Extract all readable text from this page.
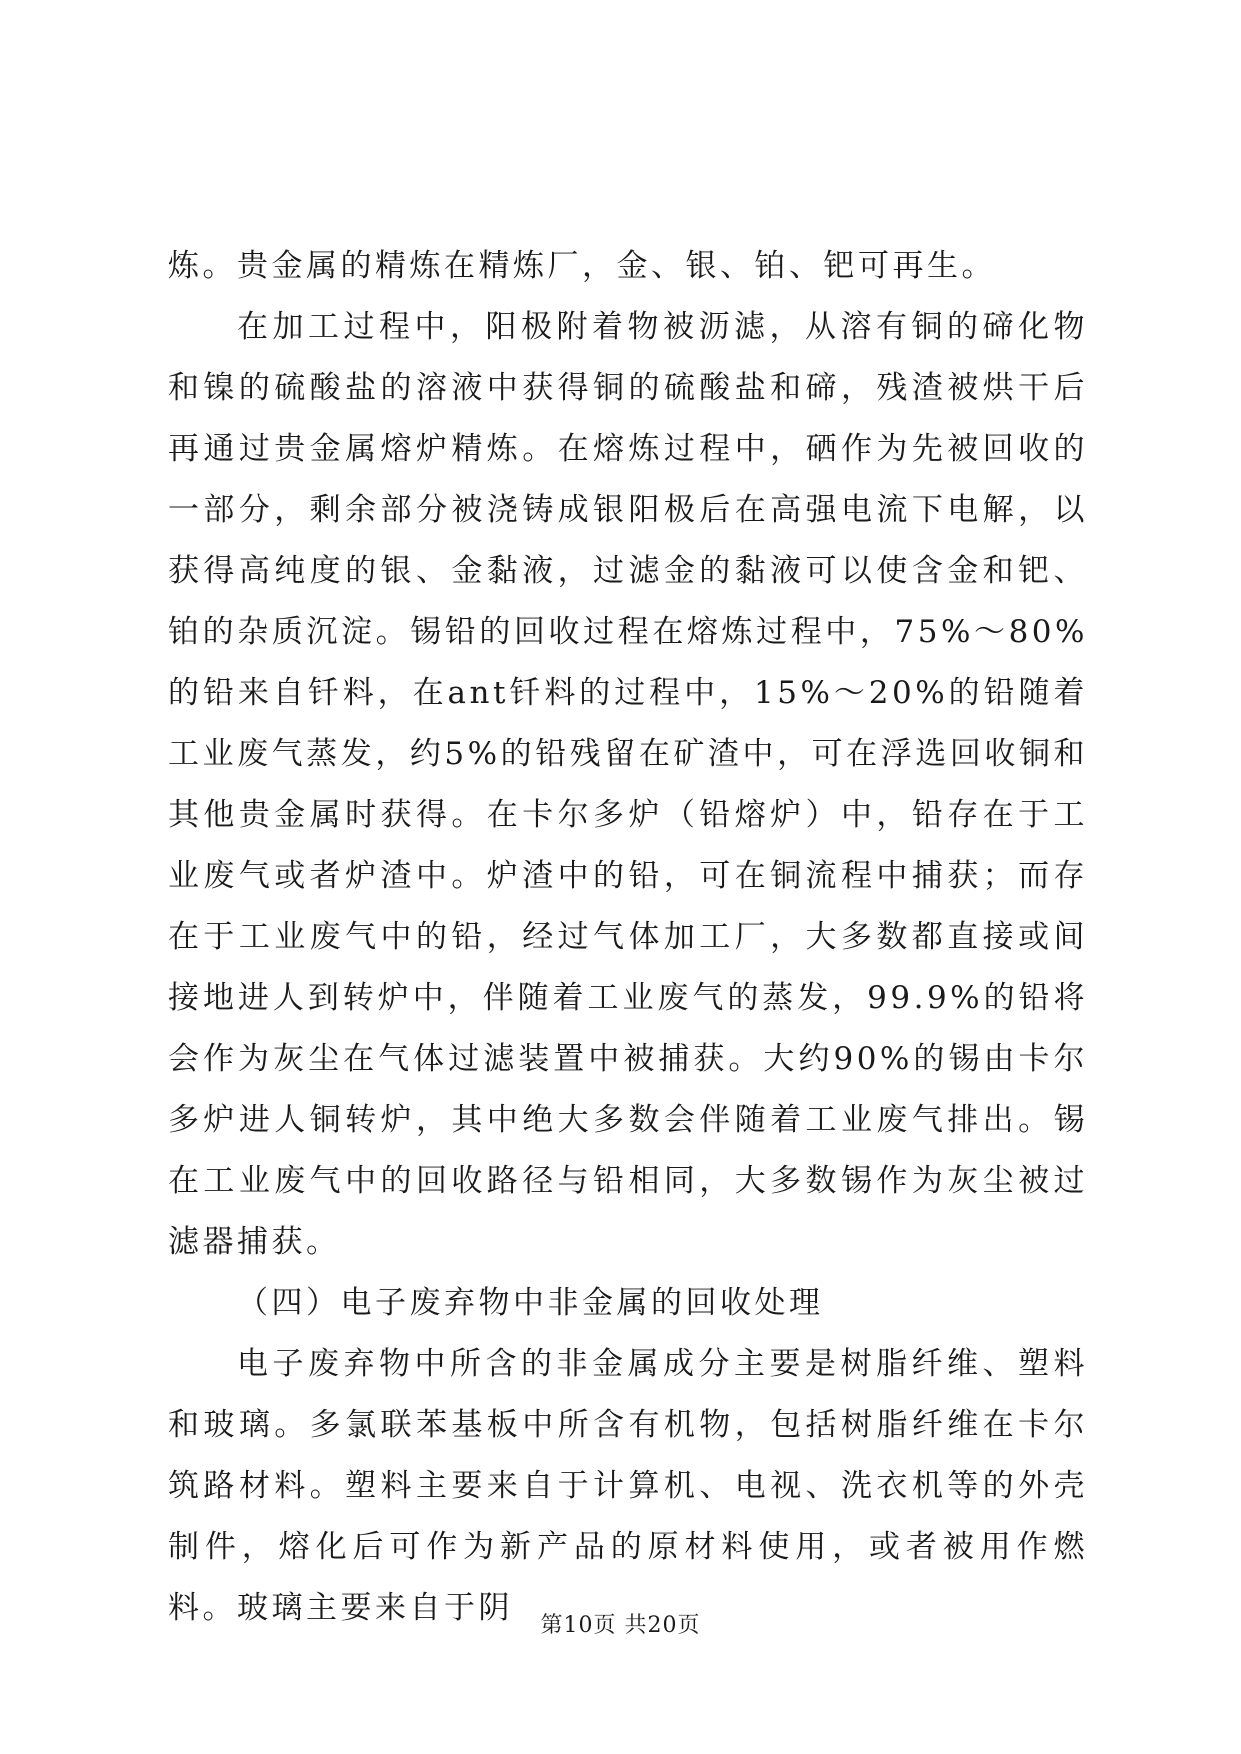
炼。贵金属的精炼在精炼厂，金、银、铂、钯可再生。

在加工过程中，阳极附着物被沥滤，从溶有铜的碲化物和镍的硫酸盐的溶液中获得铜的硫酸盐和碲，残渣被烘干后再通过贵金属熔炉精炼。在熔炼过程中，硒作为先被回收的一部分，剩余部分被浇铸成银阳极后在高强电流下电解，以获得高纯度的银、金黏液，过滤金的黏液可以使含金和钯、铂的杂质沉淀。锡铅的回收过程在熔炼过程中，75%～80%的铅来自钎料，在ant钎料的过程中，15%～20%的铅随着工业废气蒸发，约5%的铅残留在矿渣中，可在浮选回收铜和其他贵金属时获得。在卡尔多炉（铅熔炉）中，铅存在于工业废气或者炉渣中。炉渣中的铅，可在铜流程中捕获；而存在于工业废气中的铅，经过气体加工厂，大多数都直接或间接地进人到转炉中，伴随着工业废气的蒸发，99.9%的铅将会作为灰尘在气体过滤装置中被捕获。大约90%的锡由卡尔多炉进人铜转炉，其中绝大多数会伴随着工业废气排出。锡在工业废气中的回收路径与铅相同，大多数锡作为灰尘被过滤器捕获。

（四）电子废弃物中非金属的回收处理

电子废弃物中所含的非金属成分主要是树脂纤维、塑料和玻璃。多氯联苯基板中所含有机物，包括树脂纤维在卡尔筑路材料。塑料主要来自于计算机、电视、洗衣机等的外壳制件，熔化后可作为新产品的原材料使用，或者被用作燃料。玻璃主要来自于阴	第10页 共20页
